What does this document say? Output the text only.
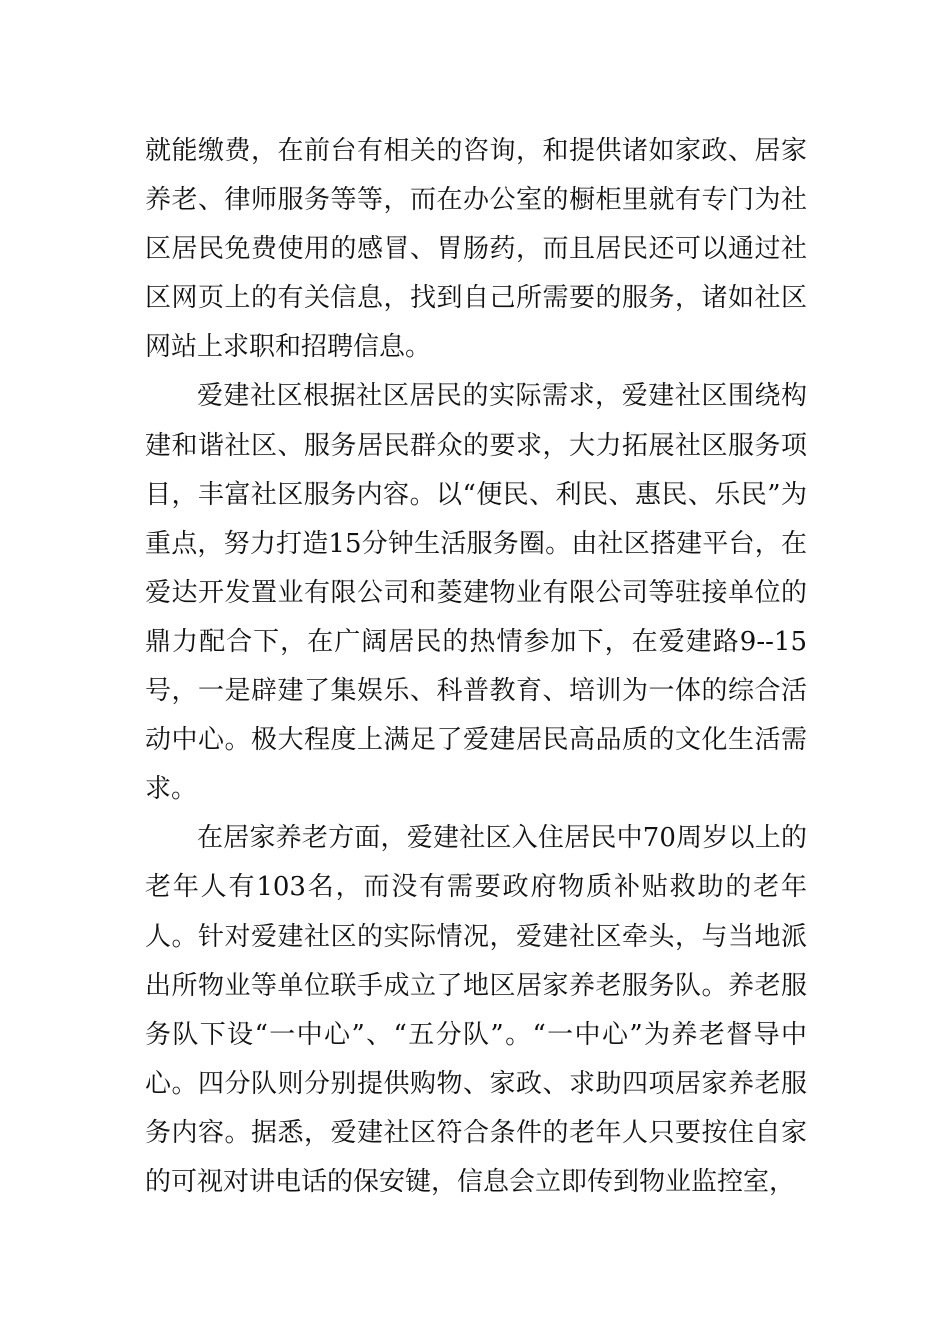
就能缴费，在前台有相关的咨询，和提供诸如家政、居家养老、律师服务等等，而在办公室的橱柜里就有专门为社区居民免费使用的感冒、胃肠药，而且居民还可以通过社区网页上的有关信息，找到自己所需要的服务，诸如社区网站上求职和招聘信息。

爱建社区根据社区居民的实际需求，爱建社区围绕构建和谐社区、服务居民群众的要求，大力拓展社区服务项目，丰富社区服务内容。以“便民、利民、惠民、乐民”为重点，努力打造15分钟生活服务圈。由社区搭建平台，在爱达开发置业有限公司和菱建物业有限公司等驻接单位的鼎力配合下，在广阔居民的热情参加下，在爱建路9--15号，一是辟建了集娱乐、科普教育、培训为一体的综合活动中心。极大程度上满足了爱建居民高品质的文化生活需求。

在居家养老方面，爱建社区入住居民中70周岁以上的老年人有103名，而没有需要政府物质补贴救助的老年人。针对爱建社区的实际情况，爱建社区牵头，与当地派出所物业等单位联手成立了地区居家养老服务队。养老服务队下设“一中心”、“五分队”。“一中心”为养老督导中心。四分队则分别提供购物、家政、求助四项居家养老服务内容。据悉，爱建社区符合条件的老年人只要按住自家的可视对讲电话的保安键，信息会立即传到物业监控室，
